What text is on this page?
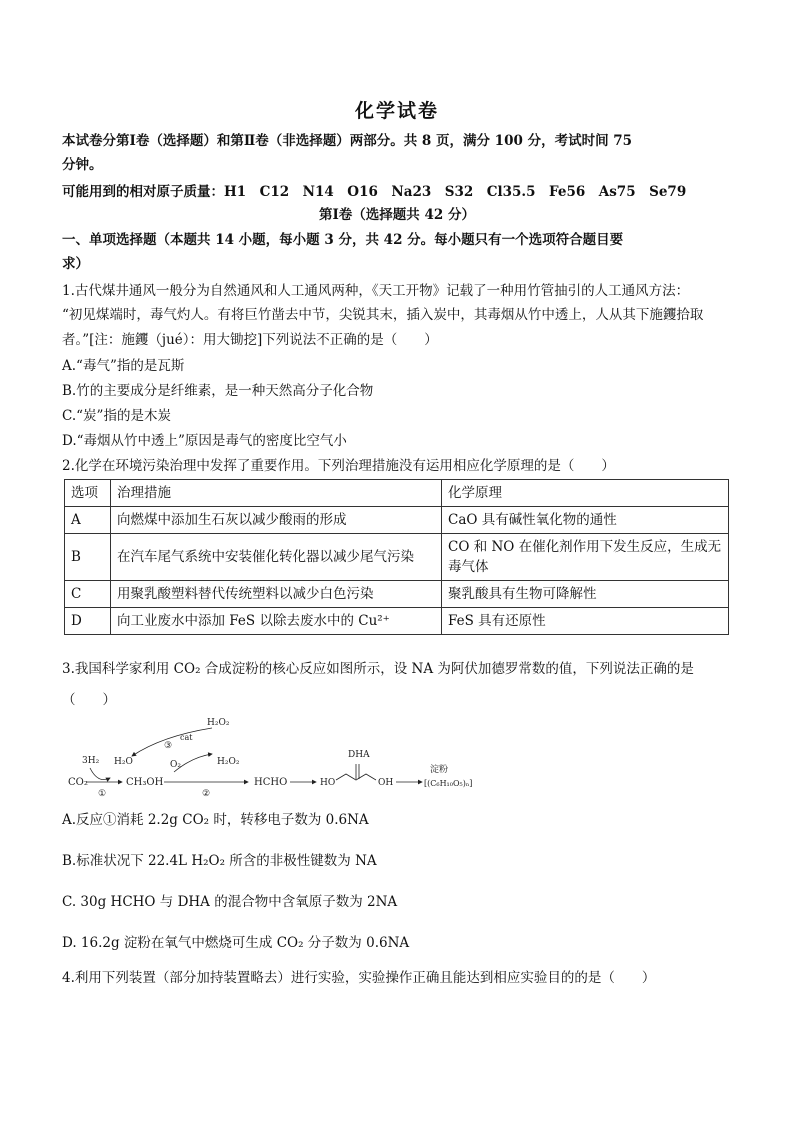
化学试卷
本试卷分第Ⅰ卷（选择题）和第Ⅱ卷（非选择题）两部分。共 8 页，满分 100 分，考试时间 75
分钟。
可能用到的相对原子质量：H1　C12　N14　O16　Na23　S32　Cl35.5　Fe56　As75　Se79
第Ⅰ卷（选择题共 42 分）
一、单项选择题（本题共 14 小题，每小题 3 分，共 42 分。每小题只有一个选项符合题目要
求）
1.古代煤井通风一般分为自然通风和人工通风两种，《天工开物》记载了一种用竹管抽引的人工通风方法：
“初见煤端时，毒气灼人。有将巨竹凿去中节，尖锐其末，插入炭中，其毒烟从竹中透上，人从其下施钁拾取
者。”[注：施钁（jué）：用大锄挖]下列说法不正确的是（　　）
A.“毒气”指的是瓦斯
B.竹的主要成分是纤维素，是一种天然高分子化合物
C.“炭”指的是木炭
D.“毒烟从竹中透上”原因是毒气的密度比空气小
2.化学在环境污染治理中发挥了重要作用。下列治理措施没有运用相应化学原理的是（　　）
选项	治理措施	化学原理
A	向燃煤中添加生石灰以减少酸雨的形成	CaO 具有碱性氧化物的通性
B	在汽车尾气系统中安装催化转化器以减少尾气污染	CO 和 NO 在催化剂作用下发生反应，生成无毒气体
C	用聚乳酸塑料替代传统塑料以减少白色污染	聚乳酸具有生物可降解性
D	向工业废水中添加 FeS 以除去废水中的 Cu²⁺	FeS 具有还原性
3.我国科学家利用 CO₂ 合成淀粉的核心反应如图所示，设 NA 为阿伏加德罗常数的值，下列说法正确的是
（　　）
CO₂
3H₂ H₂O
①
CH₃OH
③
cat
H₂O₂
O₂	H₂O₂
②
HCHO
DHA
HO	OH
淀粉
[(C₆H₁₀O₅)ₙ]
A.反应①消耗 2.2g CO₂ 时，转移电子数为 0.6NA
B.标准状况下 22.4L H₂O₂ 所含的非极性键数为 NA
C. 30g HCHO 与 DHA 的混合物中含氧原子数为 2NA
D. 16.2g 淀粉在氧气中燃烧可生成 CO₂ 分子数为 0.6NA
4.利用下列装置（部分加持装置略去）进行实验，实验操作正确且能达到相应实验目的的是（　　）
